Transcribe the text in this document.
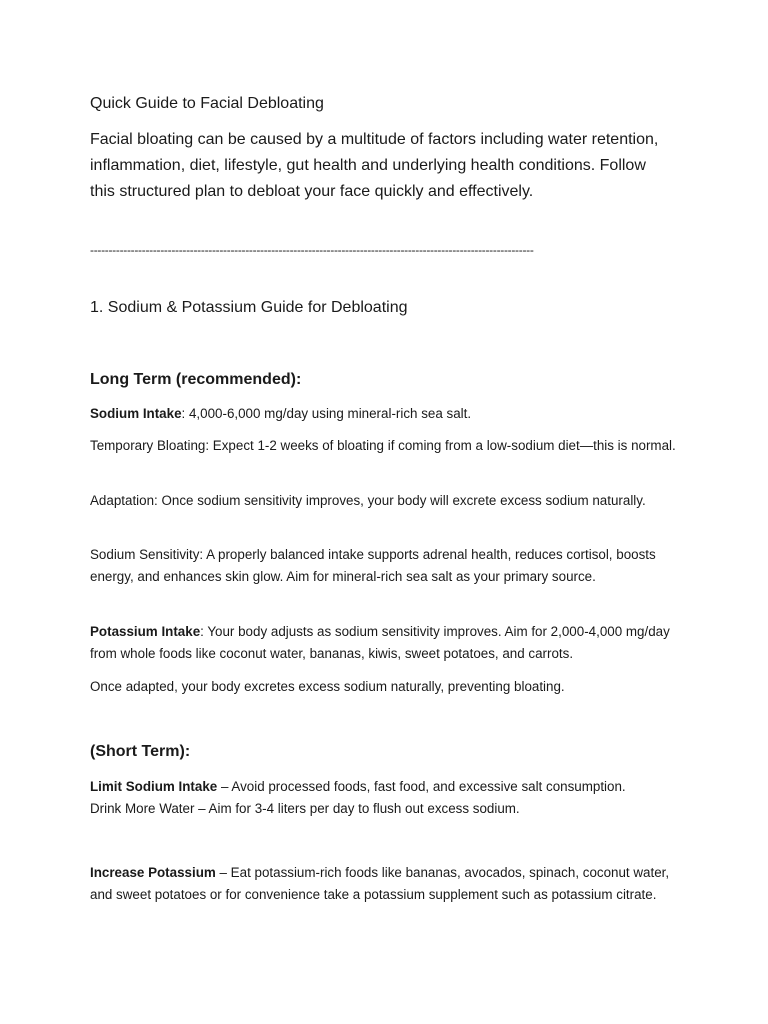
Quick Guide to Facial Debloating
Facial bloating can be caused by a multitude of factors including water retention, inflammation, diet, lifestyle, gut health and underlying health conditions. Follow this structured plan to debloat your face quickly and effectively.
------------------------------------------------------------------------------------------------------------------------
1. Sodium & Potassium Guide for Debloating
Long Term (recommended):
Sodium Intake: 4,000-6,000 mg/day using mineral-rich sea salt.
Temporary Bloating: Expect 1-2 weeks of bloating if coming from a low-sodium diet—this is normal.
Adaptation: Once sodium sensitivity improves, your body will excrete excess sodium naturally.
Sodium Sensitivity: A properly balanced intake supports adrenal health, reduces cortisol, boosts energy, and enhances skin glow. Aim for mineral-rich sea salt as your primary source.
Potassium Intake: Your body adjusts as sodium sensitivity improves. Aim for 2,000-4,000 mg/day from whole foods like coconut water, bananas, kiwis, sweet potatoes, and carrots.
Once adapted, your body excretes excess sodium naturally, preventing bloating.
(Short Term):
Limit Sodium Intake – Avoid processed foods, fast food, and excessive salt consumption.
Drink More Water – Aim for 3-4 liters per day to flush out excess sodium.
Increase Potassium – Eat potassium-rich foods like bananas, avocados, spinach, coconut water, and sweet potatoes or for convenience take a potassium supplement such as potassium citrate.
